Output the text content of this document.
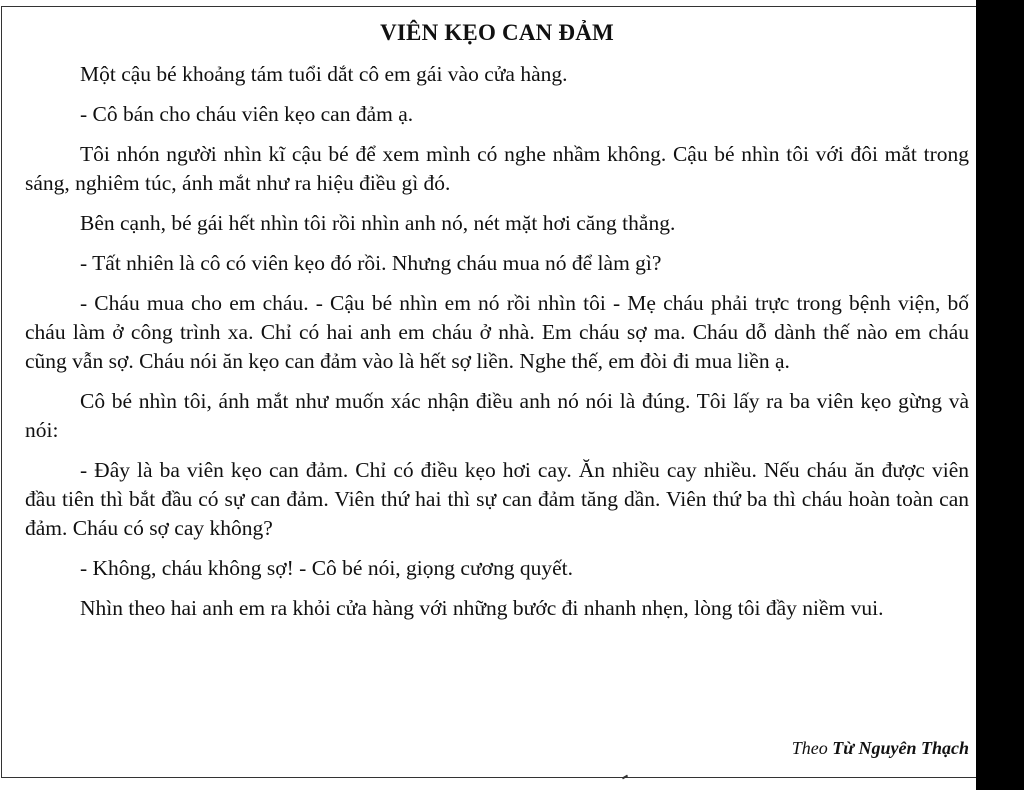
VIÊN KẸO CAN ĐẢM

Một cậu bé khoảng tám tuổi dắt cô em gái vào cửa hàng.

- Cô bán cho cháu viên kẹo can đảm ạ.

Tôi nhón người nhìn kĩ cậu bé để xem mình có nghe nhầm không. Cậu bé nhìn tôi với đôi mắt trong sáng, nghiêm túc, ánh mắt như ra hiệu điều gì đó.

Bên cạnh, bé gái hết nhìn tôi rồi nhìn anh nó, nét mặt hơi căng thẳng.

- Tất nhiên là cô có viên kẹo đó rồi. Nhưng cháu mua nó để làm gì?

- Cháu mua cho em cháu. - Cậu bé nhìn em nó rồi nhìn tôi - Mẹ cháu phải trực trong bệnh viện, bố cháu làm ở công trình xa. Chỉ có hai anh em cháu ở nhà. Em cháu sợ ma. Cháu dỗ dành thế nào em cháu cũng vẫn sợ. Cháu nói ăn kẹo can đảm vào là hết sợ liền. Nghe thế, em đòi đi mua liền ạ.

Cô bé nhìn tôi, ánh mắt như muốn xác nhận điều anh nó nói là đúng. Tôi lấy ra ba viên kẹo gừng và nói:

- Đây là ba viên kẹo can đảm. Chỉ có điều kẹo hơi cay. Ăn nhiều cay nhiều. Nếu cháu ăn được viên đầu tiên thì bắt đầu có sự can đảm. Viên thứ hai thì sự can đảm tăng dần. Viên thứ ba thì cháu hoàn toàn can đảm. Cháu có sợ cay không?

- Không, cháu không sợ! - Cô bé nói, giọng cương quyết.

Nhìn theo hai anh em ra khỏi cửa hàng với những bước đi nhanh nhẹn, lòng tôi đầy niềm vui.

Theo Từ Nguyên Thạch
